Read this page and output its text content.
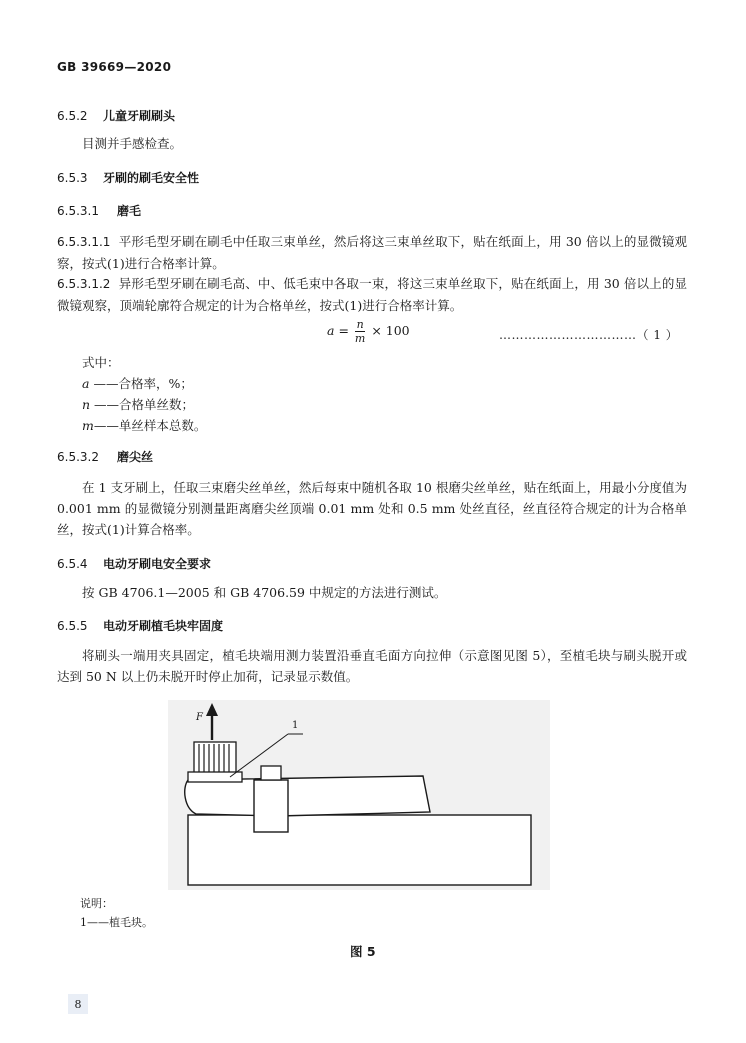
GB 39669—2020
6.5.2 儿童牙刷刷头
目测并手感检查。
6.5.3 牙刷的刷毛安全性
6.5.3.1 磨毛
6.5.3.1.1 平形毛型牙刷在刷毛中任取三束单丝，然后将这三束单丝取下，贴在纸面上，用 30 倍以上的显微镜观察，按式(1)进行合格率计算。
6.5.3.1.2 异形毛型牙刷在刷毛高、中、低毛束中各取一束，将这三束单丝取下，贴在纸面上，用 30 倍以上的显微镜观察，顶端轮廓符合规定的计为合格单丝，按式(1)进行合格率计算。
$a = \frac{n}{m} \times 100$	……………………………（ 1 ）
式中：
a ——合格率，%；
n ——合格单丝数；
m——单丝样本总数。
6.5.3.2 磨尖丝
在 1 支牙刷上，任取三束磨尖丝单丝，然后每束中随机各取 10 根磨尖丝单丝，贴在纸面上，用最小分度值为 0.001 mm 的显微镜分别测量距离磨尖丝顶端 0.01 mm 处和 0.5 mm 处丝直径，丝直径符合规定的计为合格单丝，按式(1)计算合格率。
6.5.4 电动牙刷电安全要求
按 GB 4706.1—2005 和 GB 4706.59 中规定的方法进行测试。
6.5.5 电动牙刷植毛块牢固度
将刷头一端用夹具固定，植毛块端用测力装置沿垂直毛面方向拉伸（示意图见图 5），至植毛块与刷头脱开或达到 50 N 以上仍未脱开时停止加荷，记录显示数值。
F
1
说明：
1——植毛块。
图 5
8
